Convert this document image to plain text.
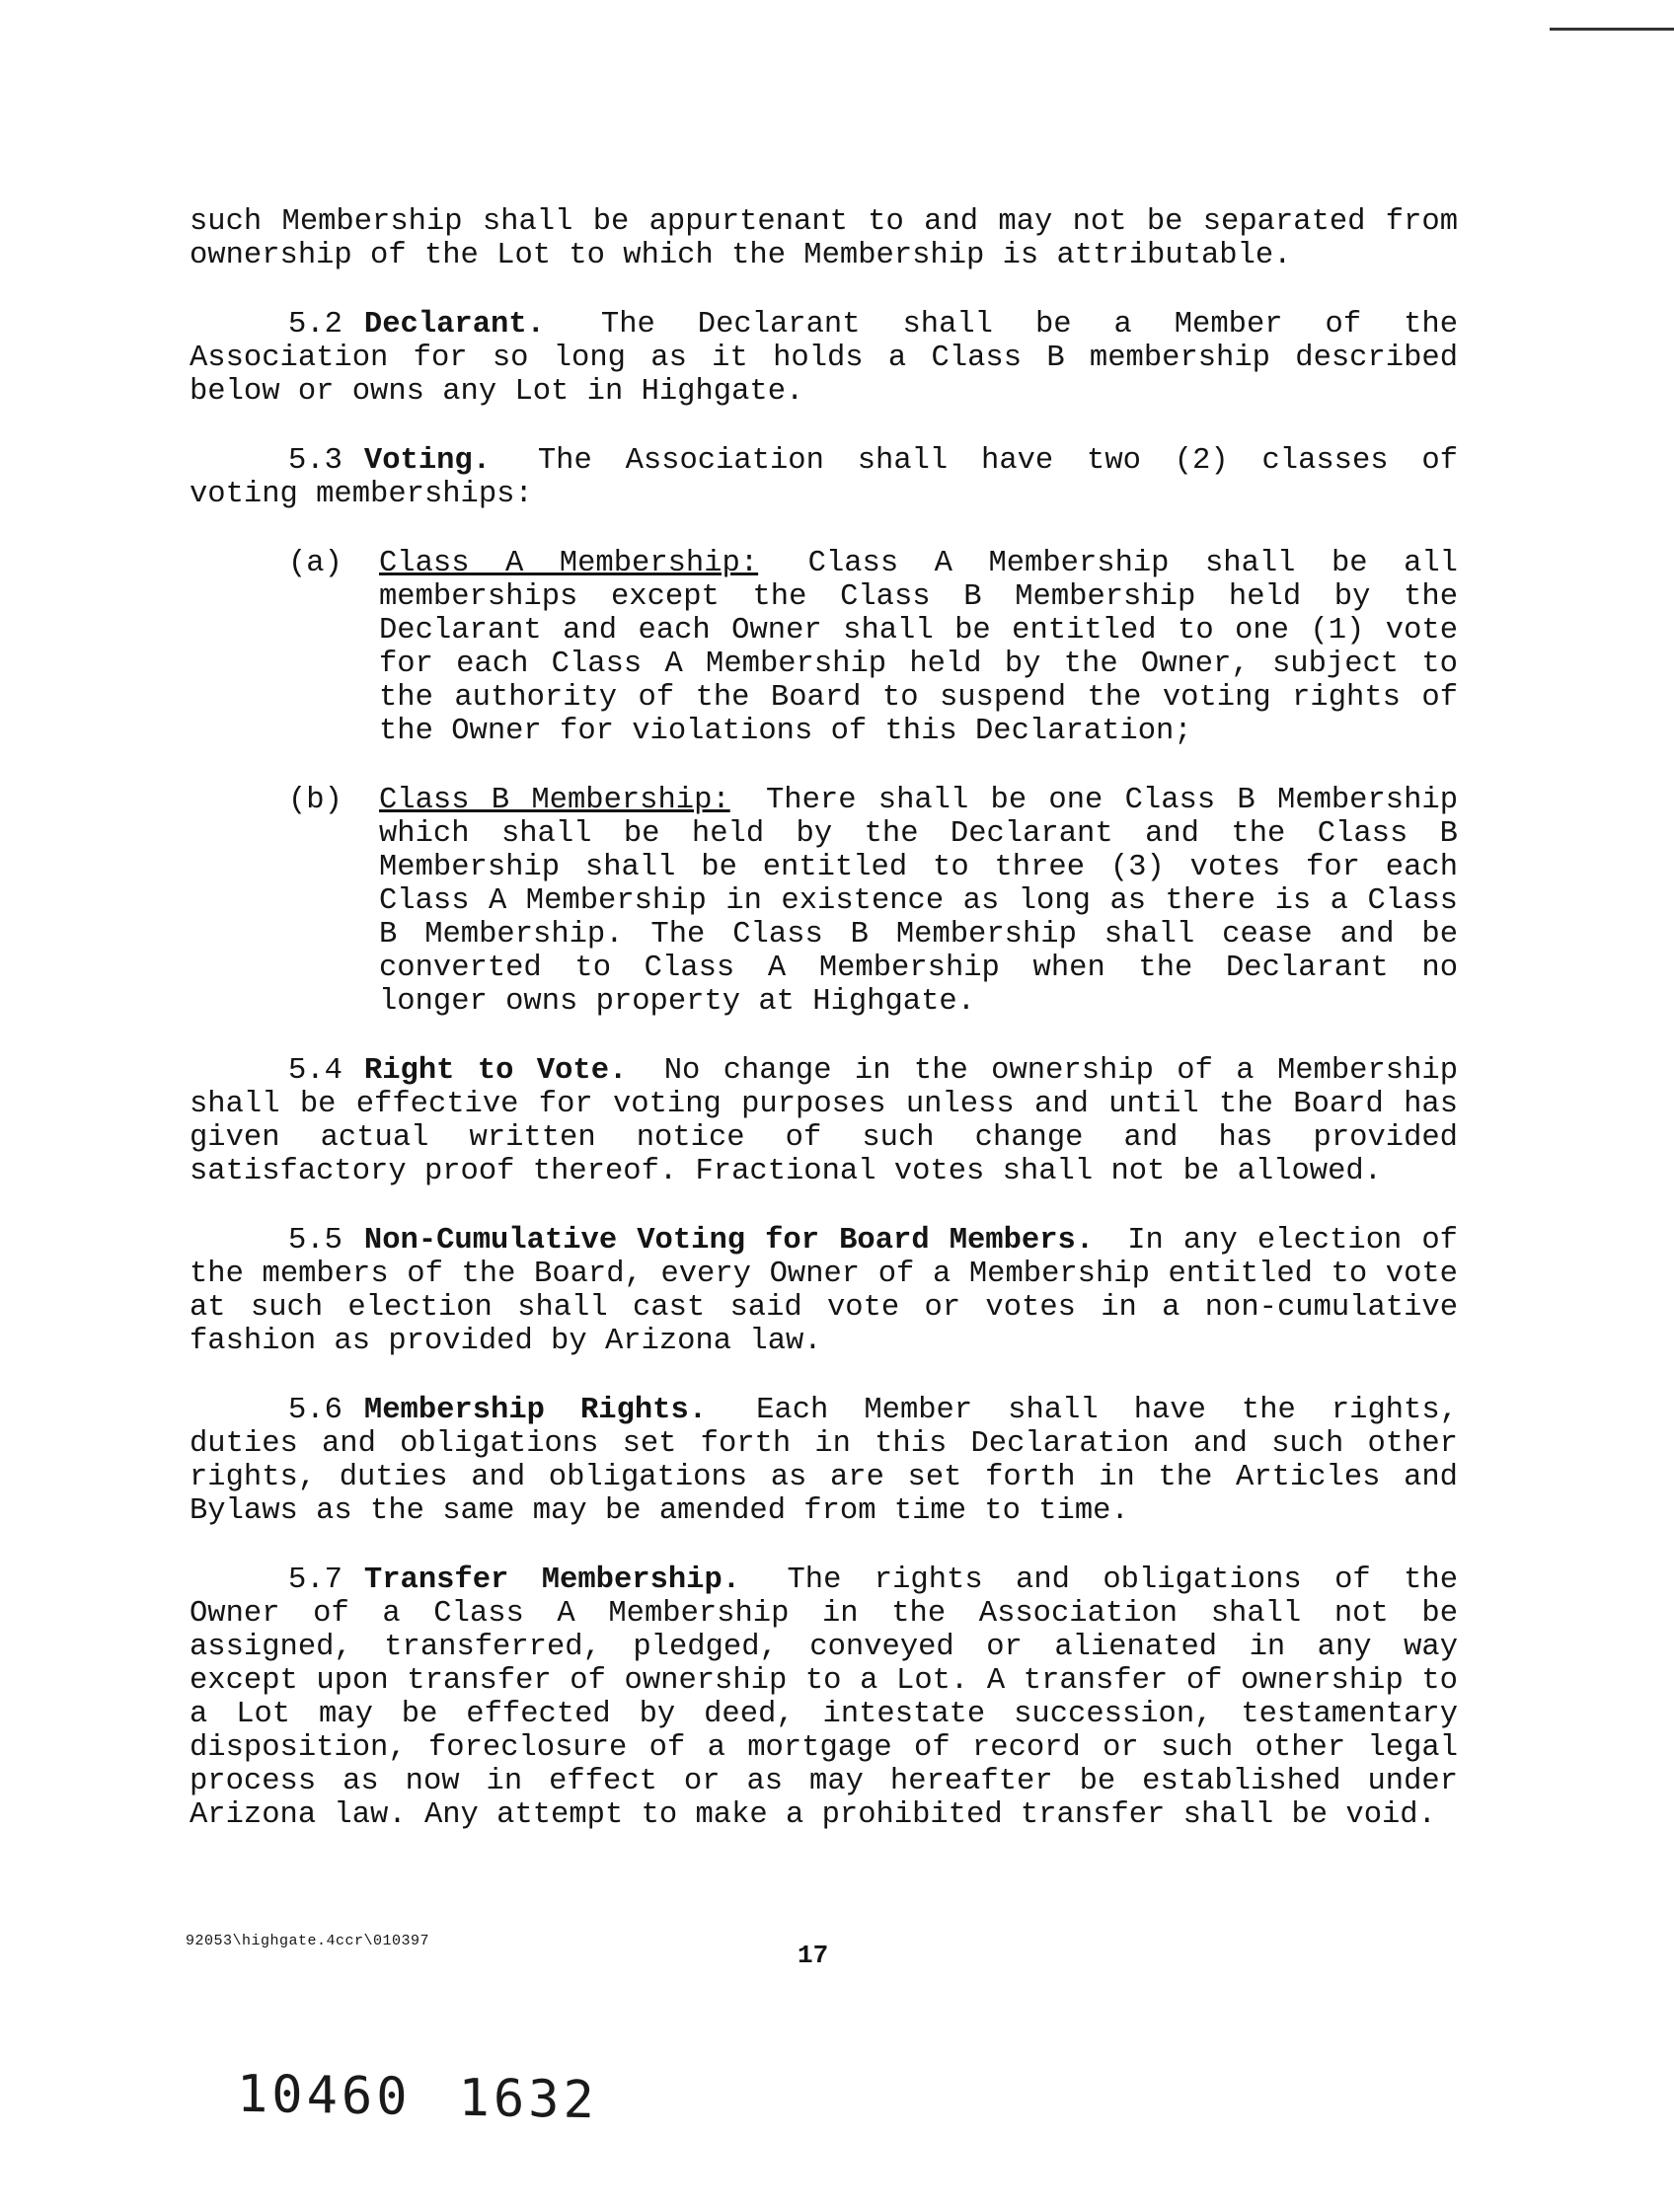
such Membership shall be appurtenant to and may not be separated from ownership of the Lot to which the Membership is attributable.

5.2 Declarant. The Declarant shall be a Member of the Association for so long as it holds a Class B membership described below or owns any Lot in Highgate.

5.3 Voting. The Association shall have two (2) classes of voting memberships:

(a)	Class A Membership: Class A Membership shall be all memberships except the Class B Membership held by the Declarant and each Owner shall be entitled to one (1) vote for each Class A Membership held by the Owner, subject to the authority of the Board to suspend the voting rights of the Owner for violations of this Declaration;
(b)	Class B Membership: There shall be one Class B Membership which shall be held by the Declarant and the Class B Membership shall be entitled to three (3) votes for each Class A Membership in existence as long as there is a Class B Membership. The Class B Membership shall cease and be converted to Class A Membership when the Declarant no longer owns property at Highgate.

5.4 Right to Vote. No change in the ownership of a Membership shall be effective for voting purposes unless and until the Board has given actual written notice of such change and has provided satisfactory proof thereof. Fractional votes shall not be allowed.

5.5 Non-Cumulative Voting for Board Members. In any election of the members of the Board, every Owner of a Membership entitled to vote at such election shall cast said vote or votes in a non-cumulative fashion as provided by Arizona law.

5.6 Membership Rights. Each Member shall have the rights, duties and obligations set forth in this Declaration and such other rights, duties and obligations as are set forth in the Articles and Bylaws as the same may be amended from time to time.

5.7 Transfer Membership. The rights and obligations of the Owner of a Class A Membership in the Association shall not be assigned, transferred, pledged, conveyed or alienated in any way except upon transfer of ownership to a Lot. A transfer of ownership to a Lot may be effected by deed, intestate succession, testamentary disposition, foreclosure of a mortgage of record or such other legal process as now in effect or as may hereafter be established under Arizona law. Any attempt to make a prohibited transfer shall be void.

92053\highgate.4ccr\010397	17
10460 1632
